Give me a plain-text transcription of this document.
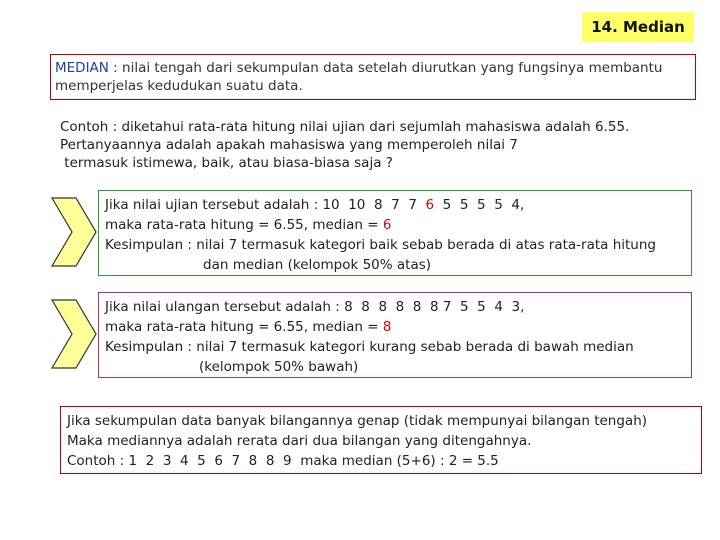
14. Median
MEDIAN : nilai tengah dari sekumpulan data setelah diurutkan yang fungsinya membantu memperjelas kedudukan suatu data.
Contoh : diketahui rata-rata hitung nilai ujian dari sejumlah mahasiswa adalah 6.55.
Pertanyaannya adalah apakah mahasiswa yang memperoleh nilai 7
termasuk istimewa, baik, atau biasa-biasa saja ?
Jika nilai ujian tersebut adalah : 10  10  8  7  7  6  5  5  5  5  4,
maka rata-rata hitung = 6.55, median = 6
Kesimpulan : nilai 7 termasuk kategori baik sebab berada di atas rata-rata hitung
dan median (kelompok 50% atas)
Jika nilai ulangan tersebut adalah : 8  8  8  8  8  8 7  5  5  4  3,
maka rata-rata hitung = 6.55, median = 8
Kesimpulan : nilai 7 termasuk kategori kurang sebab berada di bawah median
(kelompok 50% bawah)
Jika sekumpulan data banyak bilangannya genap (tidak mempunyai bilangan tengah)
Maka mediannya adalah rerata dari dua bilangan yang ditengahnya.
Contoh : 1  2  3  4  5  6  7  8  8  9  maka median (5+6) : 2 = 5.5
